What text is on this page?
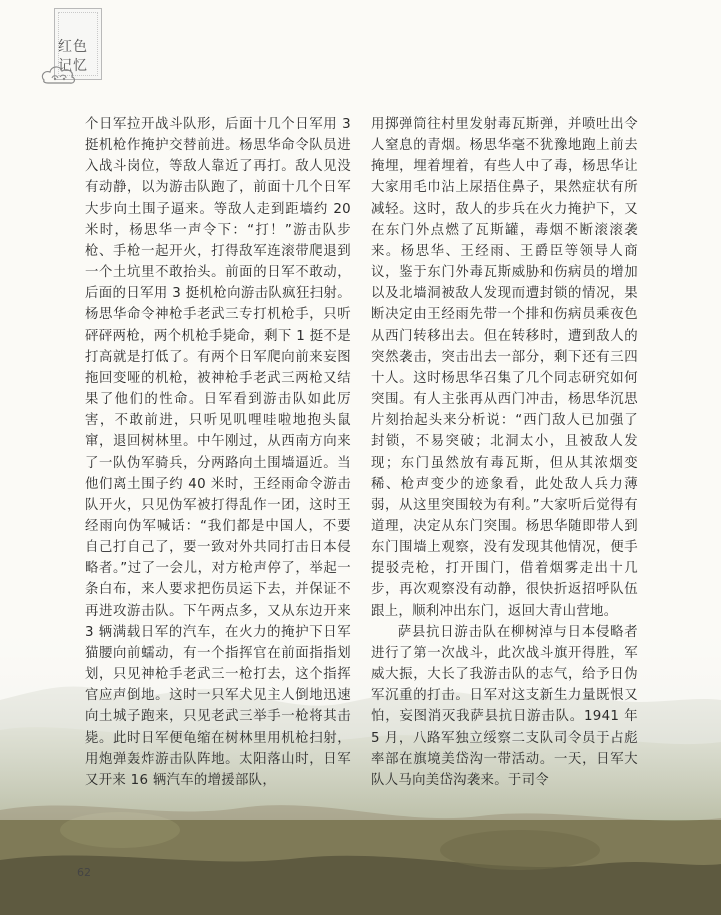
红色记忆

个日军拉开战斗队形，后面十几个日军用 3 挺机枪作掩护交替前进。杨思华命令队员进入战斗岗位，等敌人靠近了再打。敌人见没有动静，以为游击队跑了，前面十几个日军大步向土围子逼来。等敌人走到距墙约 20 米时，杨思华一声令下：“打！”游击队步枪、手枪一起开火，打得敌军连滚带爬退到一个土坑里不敢抬头。前面的日军不敢动，后面的日军用 3 挺机枪向游击队疯狂扫射。杨思华命令神枪手老武三专打机枪手，只听砰砰两枪，两个机枪手毙命，剩下 1 挺不是打高就是打低了。有两个日军爬向前来妄图拖回变哑的机枪，被神枪手老武三两枪又结果了他们的性命。日军看到游击队如此厉害，不敢前进，只听见叽哩哇啦地抱头鼠窜，退回树林里。中午刚过，从西南方向来了一队伪军骑兵，分两路向土围墙逼近。当他们离土围子约 40 米时，王经雨命令游击队开火，只见伪军被打得乱作一团，这时王经雨向伪军喊话：“我们都是中国人，不要自己打自己了，要一致对外共同打击日本侵略者。”过了一会儿，对方枪声停了，举起一条白布，来人要求把伤员运下去，并保证不再进攻游击队。下午两点多，又从东边开来 3 辆满载日军的汽车，在火力的掩护下日军猫腰向前蠕动，有一个指挥官在前面指指划划，只见神枪手老武三一枪打去，这个指挥官应声倒地。这时一只军犬见主人倒地迅速向土城子跑来，只见老武三举手一枪将其击毙。此时日军便龟缩在树林里用机枪扫射，用炮弹轰炸游击队阵地。太阳落山时，日军又开来 16 辆汽车的增援部队，

用掷弹筒往村里发射毒瓦斯弹，并喷吐出令人窒息的青烟。杨思华毫不犹豫地跑上前去掩埋，埋着埋着，有些人中了毒，杨思华让大家用毛巾沾上尿捂住鼻子，果然症状有所减轻。这时，敌人的步兵在火力掩护下，又在东门外点燃了瓦斯罐，毒烟不断滚滚袭来。杨思华、王经雨、王爵臣等领导人商议，鉴于东门外毒瓦斯威胁和伤病员的增加以及北墙洞被敌人发现而遭封锁的情况，果断决定由王经雨先带一个排和伤病员乘夜色从西门转移出去。但在转移时，遭到敌人的突然袭击，突击出去一部分，剩下还有三四十人。这时杨思华召集了几个同志研究如何突围。有人主张再从西门冲击，杨思华沉思片刻抬起头来分析说：“西门敌人已加强了封锁，不易突破；北洞太小，且被敌人发现；东门虽然放有毒瓦斯，但从其浓烟变稀、枪声变少的迹象看，此处敌人兵力薄弱，从这里突围较为有利。”大家听后觉得有道理，决定从东门突围。杨思华随即带人到东门围墙上观察，没有发现其他情况，便手提驳壳枪，打开围门，借着烟雾走出十几步，再次观察没有动静，很快折返招呼队伍跟上，顺利冲出东门，返回大青山营地。

萨县抗日游击队在柳树淖与日本侵略者进行了第一次战斗，此次战斗旗开得胜，军威大振，大长了我游击队的志气，给予日伪军沉重的打击。日军对这支新生力量既恨又怕，妄图消灭我萨县抗日游击队。1941 年 5 月，八路军独立绥察二支队司令员于占彪率部在旗境美岱沟一带活动。一天，日军大队人马向美岱沟袭来。于司令

62
